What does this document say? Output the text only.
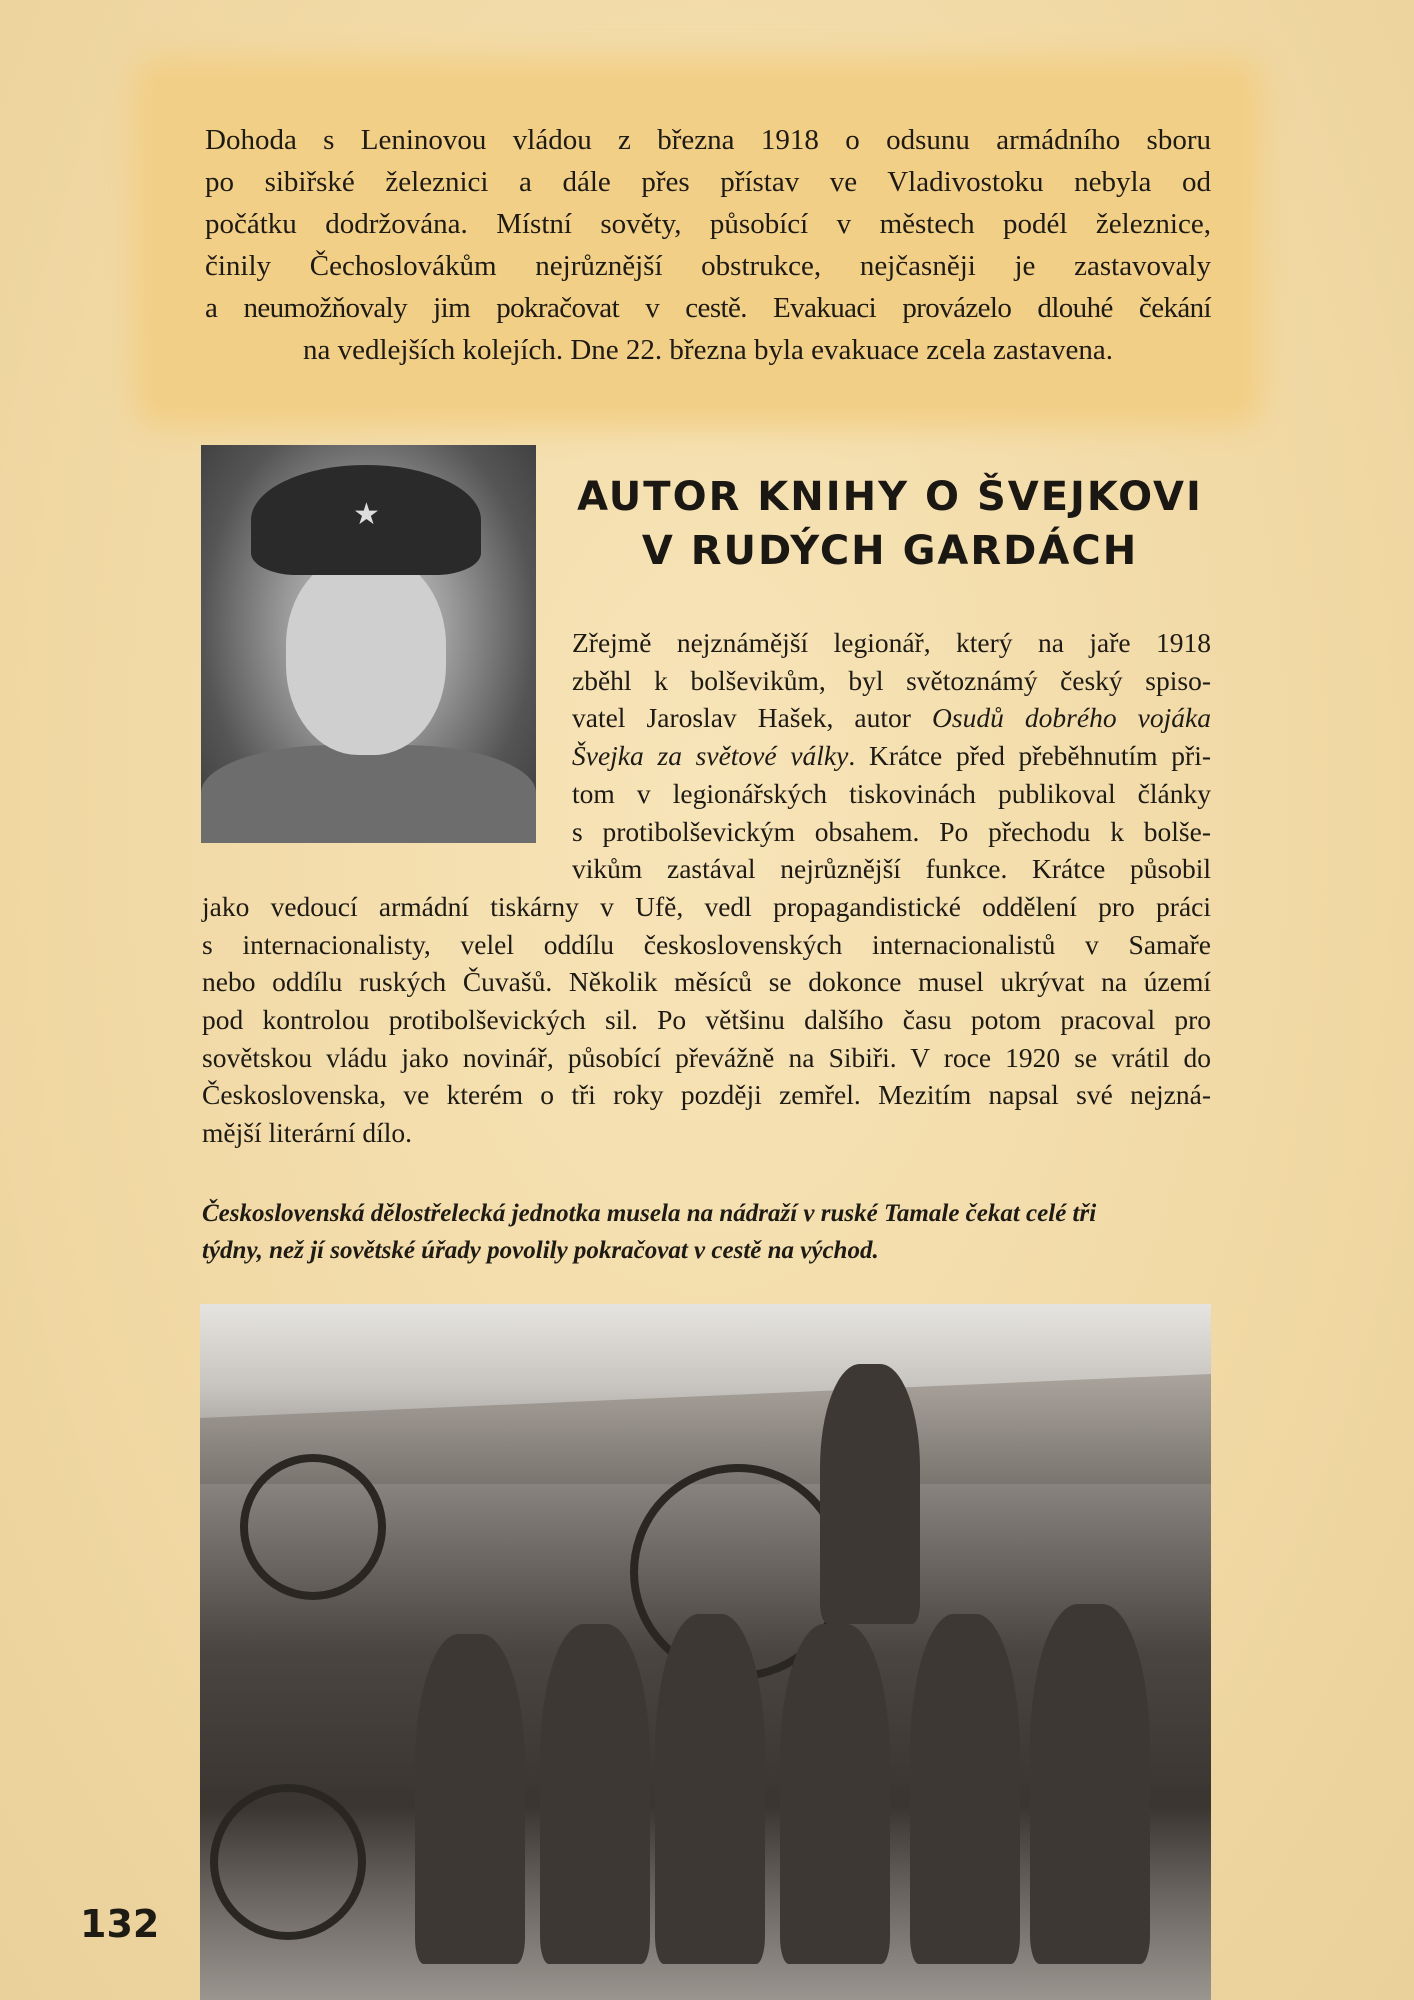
Dohoda s Leninovou vládou z března 1918 o odsunu armádního sboru
po sibiřské železnici a dále přes přístav ve Vladivostoku nebyla od
počátku dodržována. Místní sověty, působící v městech podél železnice,
činily Čechoslovákům nejrůznější obstrukce, nejčasněji je zastavovaly
a neumožňovaly jim pokračovat v cestě. Evakuaci provázelo dlouhé čekání
na vedlejších kolejích. Dne 22. března byla evakuace zcela zastavena.
★	AUTOR KNIHY O ŠVEJKOVI
V RUDÝCH GARDÁCH
Zřejmě nejznámější legionář, který na jaře 1918
zběhl k bolševikům, byl světoznámý český spiso-
vatel Jaroslav Hašek, autor Osudů dobrého vojáka
Švejka za světové války. Krátce před přeběhnutím při-
tom v legionářských tiskovinách publikoval články
s protibolševickým obsahem. Po přechodu k bolše-
vikům zastával nejrůznější funkce. Krátce působil
jako vedoucí armádní tiskárny v Ufě, vedl propagandistické oddělení pro práci
s internacionalisty, velel oddílu československých internacionalistů v Samaře
nebo oddílu ruských Čuvašů. Několik měsíců se dokonce musel ukrývat na území
pod kontrolou protibolševických sil. Po většinu dalšího času potom pracoval pro
sovětskou vládu jako novinář, působící převážně na Sibiři. V roce 1920 se vrátil do
Československa, ve kterém o tři roky později zemřel. Mezitím napsal své nejzná-
mější literární dílo.
Československá dělostřelecká jednotka musela na nádraží v ruské Tamale čekat celé tři
týdny, než jí sovětské úřady povolily pokračovat v cestě na východ.
132
